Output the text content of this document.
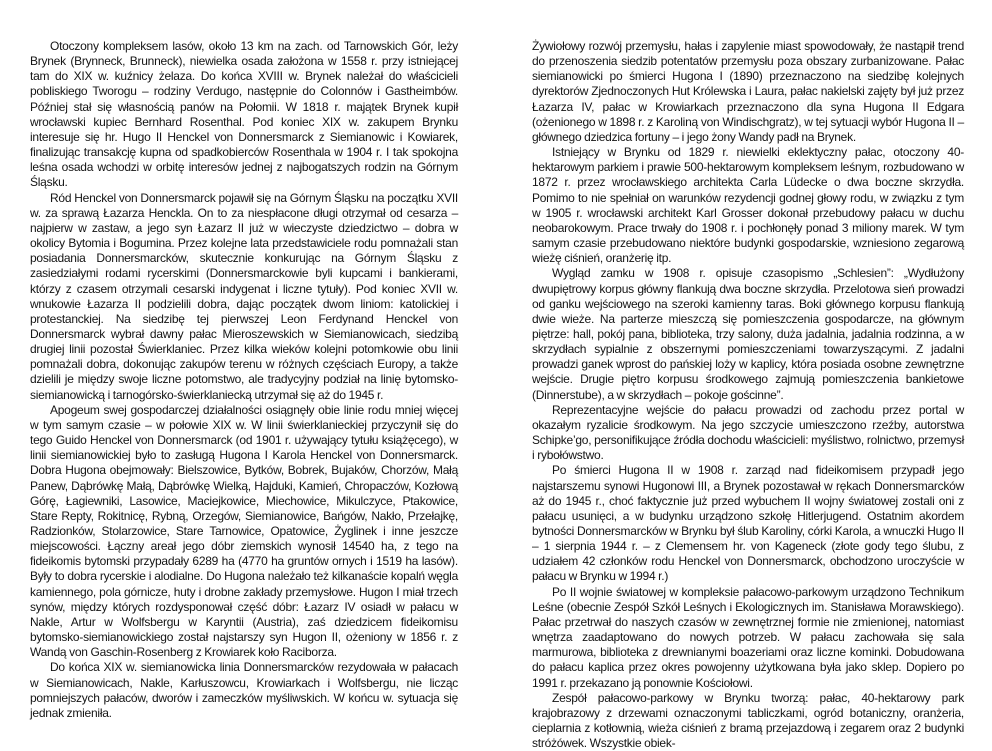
Otoczony kompleksem lasów, około 13 km na zach. od Tarnowskich Gór, leży Brynek (Brynneck, Brunneck), niewielka osada założona w 1558 r. przy istniejącej tam do XIX w. kuźnicy żelaza. Do końca XVIII w. Brynek należał do właścicieli pobliskiego Tworogu – rodziny Verdugo, następnie do Colonnów i Gastheimbów. Później stał się własnością panów na Połomii. W 1818 r. majątek Brynek kupił wrocławski kupiec Bernhard Rosenthal. Pod koniec XIX w. zakupem Brynku interesuje się hr. Hugo II Henckel von Donnersmarck z Siemianowic i Kowiarek, finalizując transakcję kupna od spadkobierców Rosenthala w 1904 r. I tak spokojna leśna osada wchodzi w orbitę interesów jednej z najbogatszych rodzin na Górnym Śląsku.

Ród Henckel von Donnersmarck pojawił się na Górnym Śląsku na początku XVII w. za sprawą Łazarza Henckla. On to za niespłacone długi otrzymał od cesarza – najpierw w zastaw, a jego syn Łazarz II już w wieczyste dziedzictwo – dobra w okolicy Bytomia i Bogumina. Przez kolejne lata przedstawiciele rodu pomnażali stan posiadania Donnersmarcków, skutecznie konkurując na Górnym Śląsku z zasiedziałymi rodami rycerskimi (Donnersmarckowie byli kupcami i bankierami, którzy z czasem otrzymali cesarski indygenat i liczne tytuły). Pod koniec XVII w. wnukowie Łazarza II podzielili dobra, dając początek dwom liniom: katolickiej i protestanckiej. Na siedzibę tej pierwszej Leon Ferdynand Henckel von Donnersmarck wybrał dawny pałac Mieroszewskich w Siemianowicach, siedzibą drugiej linii pozostał Świerklaniec. Przez kilka wieków kolejni potomkowie obu linii pomnażali dobra, dokonując zakupów terenu w różnych częściach Europy, a także dzielili je między swoje liczne potomstwo, ale tradycyjny podział na linię bytomsko-siemianowicką i tarnogórsko-świerklaniecką utrzymał się aż do 1945 r.

Apogeum swej gospodarczej działalności osiągnęły obie linie rodu mniej więcej w tym samym czasie – w połowie XIX w. W linii świerklanieckiej przyczynił się do tego Guido Henckel von Donnersmarck (od 1901 r. używający tytułu książęcego), w linii siemianowickiej było to zasługą Hugona I Karola Henckel von Donnersmarck. Dobra Hugona obejmowały: Bielszowice, Bytków, Bobrek, Bujaków, Chorzów, Małą Panew, Dąbrówkę Małą, Dąbrówkę Wielką, Hajduki, Kamień, Chropaczów, Kozłową Górę, Łagiewniki, Lasowice, Maciejkowice, Miechowice, Mikulczyce, Ptakowice, Stare Repty, Rokitnicę, Rybną, Orzegów, Siemianowice, Bańgów, Nakło, Przełajkę, Radzionków, Stolarzowice, Stare Tarnowice, Opatowice, Żyglinek i inne jeszcze miejscowości. Łączny areał jego dóbr ziemskich wynosił 14540 ha, z tego na fideikomis bytomski przypadały 6289 ha (4770 ha gruntów ornych i 1519 ha lasów). Były to dobra rycerskie i alodialne. Do Hugona należało też kilkanaście kopalń węgla kamiennego, pola górnicze, huty i drobne zakłady przemysłowe. Hugon I miał trzech synów, między których rozdysponował część dóbr: Łazarz IV osiadł w pałacu w Nakle, Artur w Wolfsbergu w Karyntii (Austria), zaś dziedzicem fideikomisu bytomsko-siemianowickiego został najstarszy syn Hugon II, ożeniony w 1856 r. z Wandą von Gaschin-Rosenberg z Krowiarek koło Raciborza.

Do końca XIX w. siemianowicka linia Donnersmarcków rezydowała w pałacach w Siemianowicach, Nakle, Karłuszowcu, Krowiarkach i Wolfsbergu, nie licząc pomniejszych pałaców, dworów i zameczków myśliwskich. W końcu w. sytuacja się jednak zmieniła.

Żywiołowy rozwój przemysłu, hałas i zapylenie miast spowodowały, że nastąpił trend do przenoszenia siedzib potentatów przemysłu poza obszary zurbanizowane. Pałac siemianowicki po śmierci Hugona I (1890) przeznaczono na siedzibę kolejnych dyrektorów Zjednoczonych Hut Królewska i Laura, pałac nakielski zajęty był już przez Łazarza IV, pałac w Krowiarkach przeznaczono dla syna Hugona II Edgara (ożenionego w 1898 r. z Karoliną von Windischgratz), w tej sytuacji wybór Hugona II – głównego dziedzica fortuny – i jego żony Wandy padł na Brynek.

Istniejący w Brynku od 1829 r. niewielki eklektyczny pałac, otoczony 40-hektarowym parkiem i prawie 500-hektarowym kompleksem leśnym, rozbudowano w 1872 r. przez wrocławskiego architekta Carla Lüdecke o dwa boczne skrzydła. Pomimo to nie spełniał on warunków rezydencji godnej głowy rodu, w związku z tym w 1905 r. wrocławski architekt Karl Grosser dokonał przebudowy pałacu w duchu neobarokowym. Prace trwały do 1908 r. i pochłonęły ponad 3 miliony marek. W tym samym czasie przebudowano niektóre budynki gospodarskie, wzniesiono zegarową wieżę ciśnień, oranżerię itp.

Wygląd zamku w 1908 r. opisuje czasopismo „Schlesien”: „Wydłużony dwupiętrowy korpus główny flankują dwa boczne skrzydła. Przelotowa sień prowadzi od ganku wejściowego na szeroki kamienny taras. Boki głównego korpusu flankują dwie wieże. Na parterze mieszczą się pomieszczenia gospodarcze, na głównym piętrze: hall, pokój pana, biblioteka, trzy salony, duża jadalnia, jadalnia rodzinna, a w skrzydłach sypialnie z obszernymi pomieszczeniami towarzyszącymi. Z jadalni prowadzi ganek wprost do pańskiej loży w kaplicy, która posiada osobne zewnętrzne wejście. Drugie piętro korpusu środkowego zajmują pomieszczenia bankietowe (Dinnerstube), a w skrzydłach – pokoje gościnne”.

Reprezentacyjne wejście do pałacu prowadzi od zachodu przez portal w okazałym ryzalicie środkowym. Na jego szczycie umieszczono rzeźby, autorstwa Schipke’go, personifikujące źródła dochodu właścicieli: myślistwo, rolnictwo, przemysł i rybołówstwo.

Po śmierci Hugona II w 1908 r. zarząd nad fideikomisem przypadł jego najstarszemu synowi Hugonowi III, a Brynek pozostawał w rękach Donnersmarcków aż do 1945 r., choć faktycznie już przed wybuchem II wojny światowej zostali oni z pałacu usunięci, a w budynku urządzono szkołę Hitlerjugend. Ostatnim akordem bytności Donnersmarcków w Brynku był ślub Karoliny, córki Karola, a wnuczki Hugo II – 1 sierpnia 1944 r. – z Clemensem hr. von Kageneck (złote gody tego ślubu, z udziałem 42 członków rodu Henckel von Donnersmarck, obchodzono uroczyście w pałacu w Brynku w 1994 r.)

Po II wojnie światowej w kompleksie pałacowo-parkowym urządzono Technikum Leśne (obecnie Zespół Szkół Leśnych i Ekologicznych im. Stanisława Morawskiego). Pałac przetrwał do naszych czasów w zewnętrznej formie nie zmienionej, natomiast wnętrza zaadaptowano do nowych potrzeb. W pałacu zachowała się sala marmurowa, biblioteka z drewnianymi boazeriami oraz liczne kominki. Dobudowana do pałacu kaplica przez okres powojenny użytkowana była jako sklep. Dopiero po 1991 r. przekazano ją ponownie Kościołowi.

Zespół pałacowo-parkowy w Brynku tworzą: pałac, 40-hektarowy park krajobrazowy z drzewami oznaczonymi tabliczkami, ogród botaniczny, oranżeria, cieplarnia z kotłownią, wieża ciśnień z bramą przejazdową i zegarem oraz 2 budynki stróżówek. Wszystkie obiek-
